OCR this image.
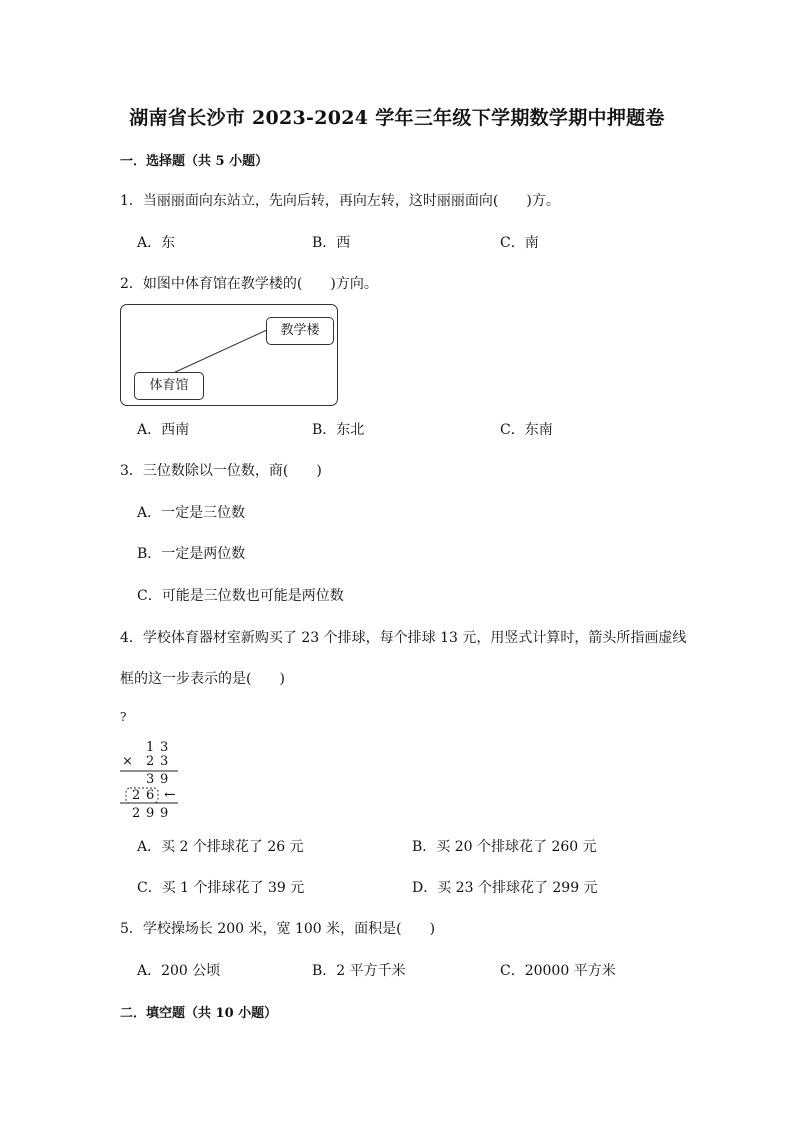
湖南省长沙市 2023-2024 学年三年级下学期数学期中押题卷
一．选择题（共 5 小题）
1．当丽丽面向东站立，先向后转，再向左转，这时丽丽面向(　　)方。
A．东	B．西	C．南
2．如图中体育馆在教学楼的(　　)方向。
教学楼
体育馆
A．西南	B．东北	C．东南
3．三位数除以一位数，商(　　)
A．一定是三位数
B．一定是两位数
C．可能是三位数也可能是两位数
4．学校体育器材室新购买了 23 个排球，每个排球 13 元，用竖式计算时，箭头所指画虚线
框的这一步表示的是(　　)
?
1 3
× 2 3
3 9
2 6 ←
2 9 9
A．买 2 个排球花了 26 元	B．买 20 个排球花了 260 元
C．买 1 个排球花了 39 元	D．买 23 个排球花了 299 元
5．学校操场长 200 米，宽 100 米，面积是(　　)
A．200 公顷	B．2 平方千米	C．20000 平方米
二．填空题（共 10 小题）
